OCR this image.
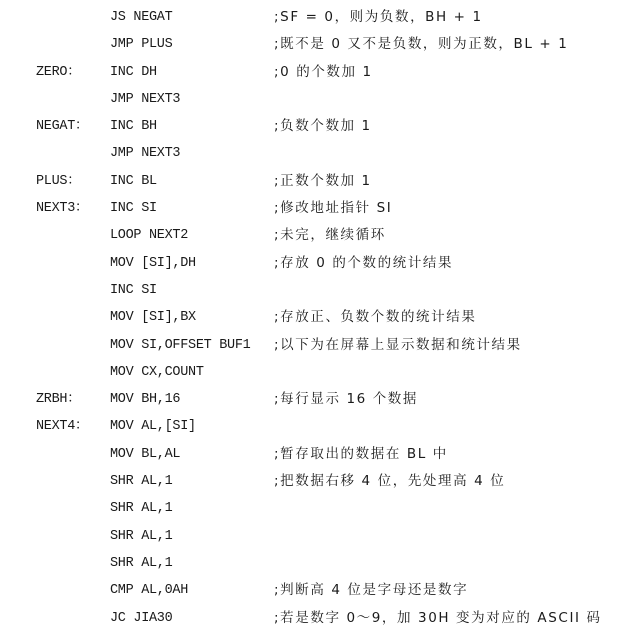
JS NEGAT	;SF = 0，则为负数，BH + 1
JMP PLUS	;既不是 0 又不是负数，则为正数，BL + 1
ZERO： INC DH	;0 的个数加 1
JMP NEXT3
NEGAT： INC BH	;负数个数加 1
JMP NEXT3
PLUS： INC BL	;正数个数加 1
NEXT3： INC SI	;修改地址指针 SI
LOOP NEXT2	;未完，继续循环
MOV [SI],DH	;存放 0 的个数的统计结果
INC SI
MOV [SI],BX	;存放正、负数个数的统计结果
MOV SI,OFFSET BUF1 ;以下为在屏幕上显示数据和统计结果
MOV CX,COUNT
ZRBH： MOV BH,16	;每行显示 16 个数据
NEXT4： MOV AL,[SI]
MOV BL,AL	;暂存取出的数据在 BL 中
SHR AL,1	;把数据右移 4 位，先处理高 4 位
SHR AL,1
SHR AL,1
SHR AL,1
CMP AL,0AH	;判断高 4 位是字母还是数字
JC JIA30	;若是数字 0～9，加 30H 变为对应的 ASCII 码
